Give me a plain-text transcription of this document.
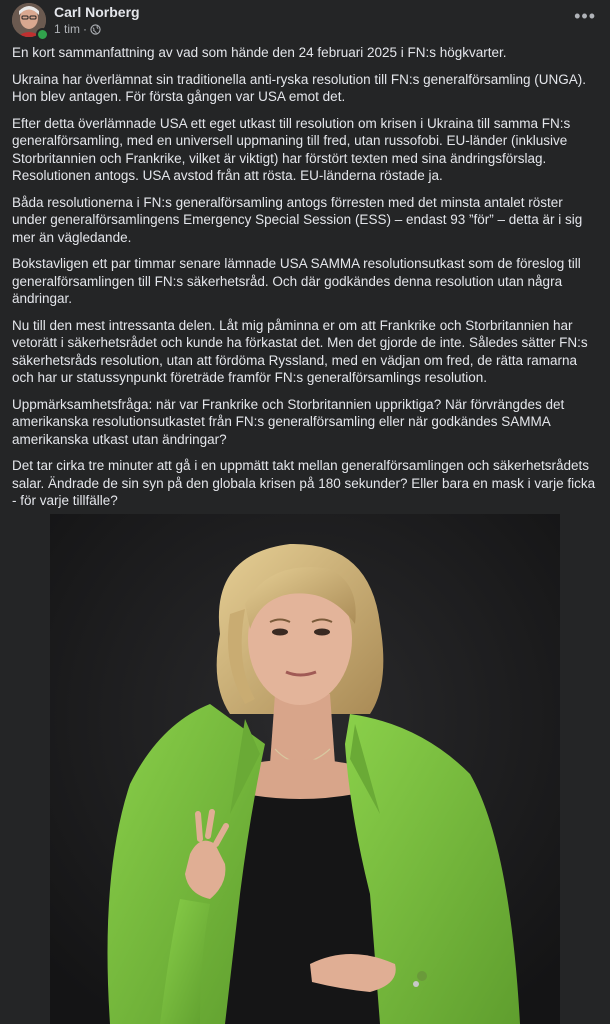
Carl Norberg
1 tim ·
•••

En kort sammanfattning av vad som hände den 24 februari 2025 i FN:s högkvarter.

Ukraina har överlämnat sin traditionella anti-ryska resolution till FN:s generalförsamling (UNGA). Hon blev antagen. För första gången var USA emot det.

Efter detta överlämnade USA ett eget utkast till resolution om krisen i Ukraina till samma FN:s generalförsamling, med en universell uppmaning till fred, utan russofobi. EU-länder (inklusive Storbritannien och Frankrike, vilket är viktigt) har förstört texten med sina ändringsförslag. Resolutionen antogs. USA avstod från att rösta. EU-länderna röstade ja.

Båda resolutionerna i FN:s generalförsamling antogs förresten med det minsta antalet röster under generalförsamlingens Emergency Special Session (ESS) – endast 93 ”för” – detta är i sig mer än vägledande.

Bokstavligen ett par timmar senare lämnade USA SAMMA resolutionsutkast som de föreslog till generalförsamlingen till FN:s säkerhetsråd. Och där godkändes denna resolution utan några ändringar.

Nu till den mest intressanta delen. Låt mig påminna er om att Frankrike och Storbritannien har vetorätt i säkerhetsrådet och kunde ha förkastat det. Men det gjorde de inte. Således sätter FN:s säkerhetsråds resolution, utan att fördöma Ryssland, med en vädjan om fred, de rätta ramarna och har ur statussynpunkt företräde framför FN:s generalförsamlings resolution.

Uppmärksamhetsfråga: när var Frankrike och Storbritannien uppriktiga? När förvrängdes det amerikanska resolutionsutkastet från FN:s generalförsamling eller när godkändes SAMMA amerikanska utkast utan ändringar?

Det tar cirka tre minuter att gå i en uppmätt takt mellan generalförsamlingen och säkerhetsrådets salar. Ändrade de sin syn på den globala krisen på 180 sekunder? Eller bara en mask i varje ficka - för varje tillfälle?
